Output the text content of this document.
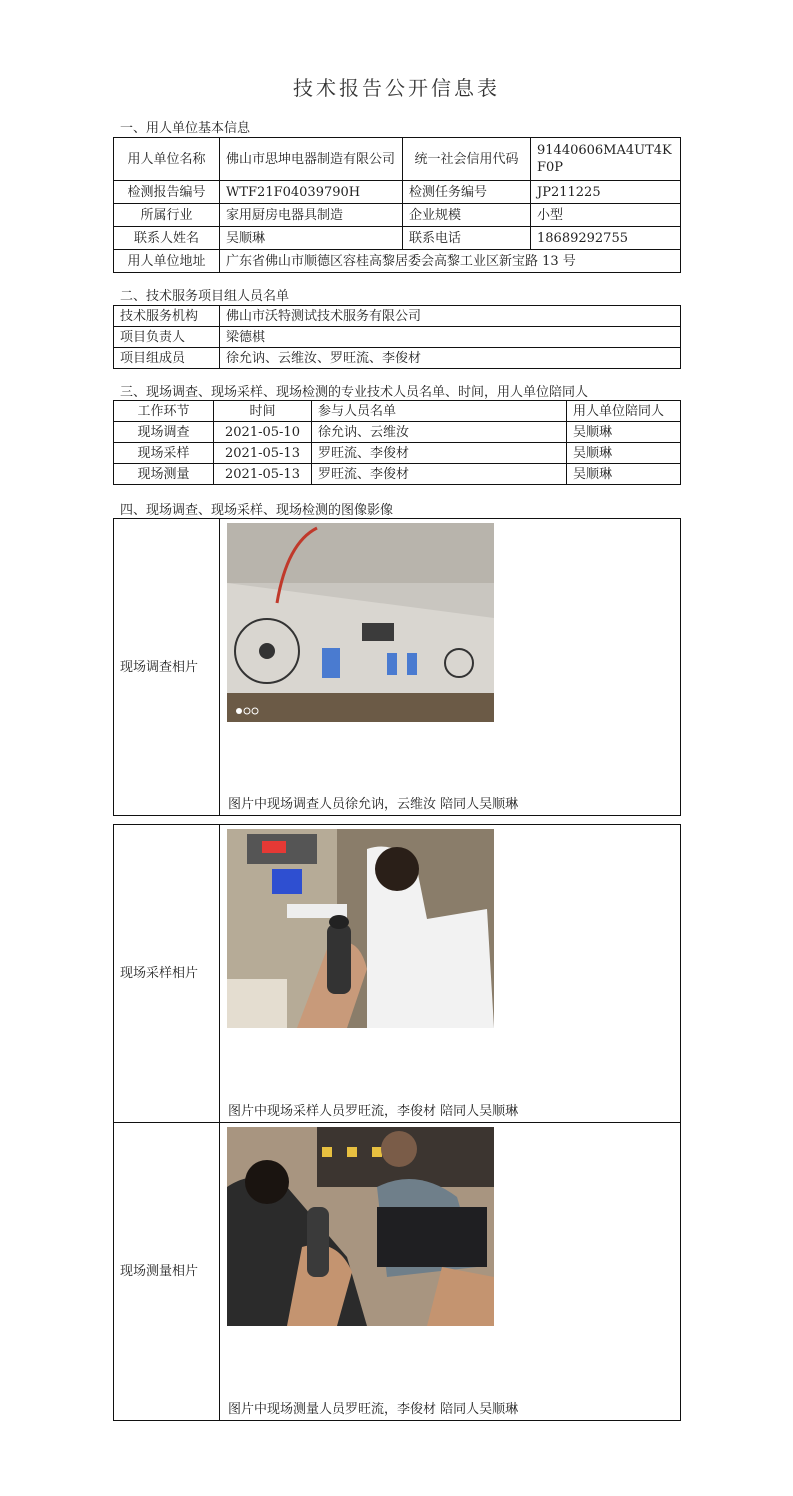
技术报告公开信息表
一、用人单位基本信息
用人单位名称	佛山市思坤电器制造有限公司	统一社会信用代码	91440606MA4UT4KF0P
检测报告编号	WTF21F04039790H	检测任务编号	JP211225
所属行业	家用厨房电器具制造	企业规模	小型
联系人姓名	吴顺琳	联系电话	18689292755
用人单位地址	广东省佛山市顺德区容桂高黎居委会高黎工业区新宝路 13 号		
二、技术服务项目组人员名单
技术服务机构	佛山市沃特测试技术服务有限公司
项目负责人	梁德棋
项目组成员	徐允讷、云维汝、罗旺流、李俊材
三、现场调查、现场采样、现场检测的专业技术人员名单、时间，用人单位陪同人
工作环节	时间	参与人员名单	用人单位陪同人
现场调查	2021-05-10	徐允讷、云维汝	吴顺琳
现场采样	2021-05-13	罗旺流、李俊材	吴顺琳
现场测量	2021-05-13	罗旺流、李俊材	吴顺琳
四、现场调查、现场采样、现场检测的图像影像
现场调查相片	
图片中现场调查人员徐允讷，云维汝 陪同人吴顺琳
现场采样相片	图片中现场采样人员罗旺流，李俊材 陪同人吴顺琳

现场测量相片	图片中现场测量人员罗旺流，李俊材 陪同人吴顺琳
